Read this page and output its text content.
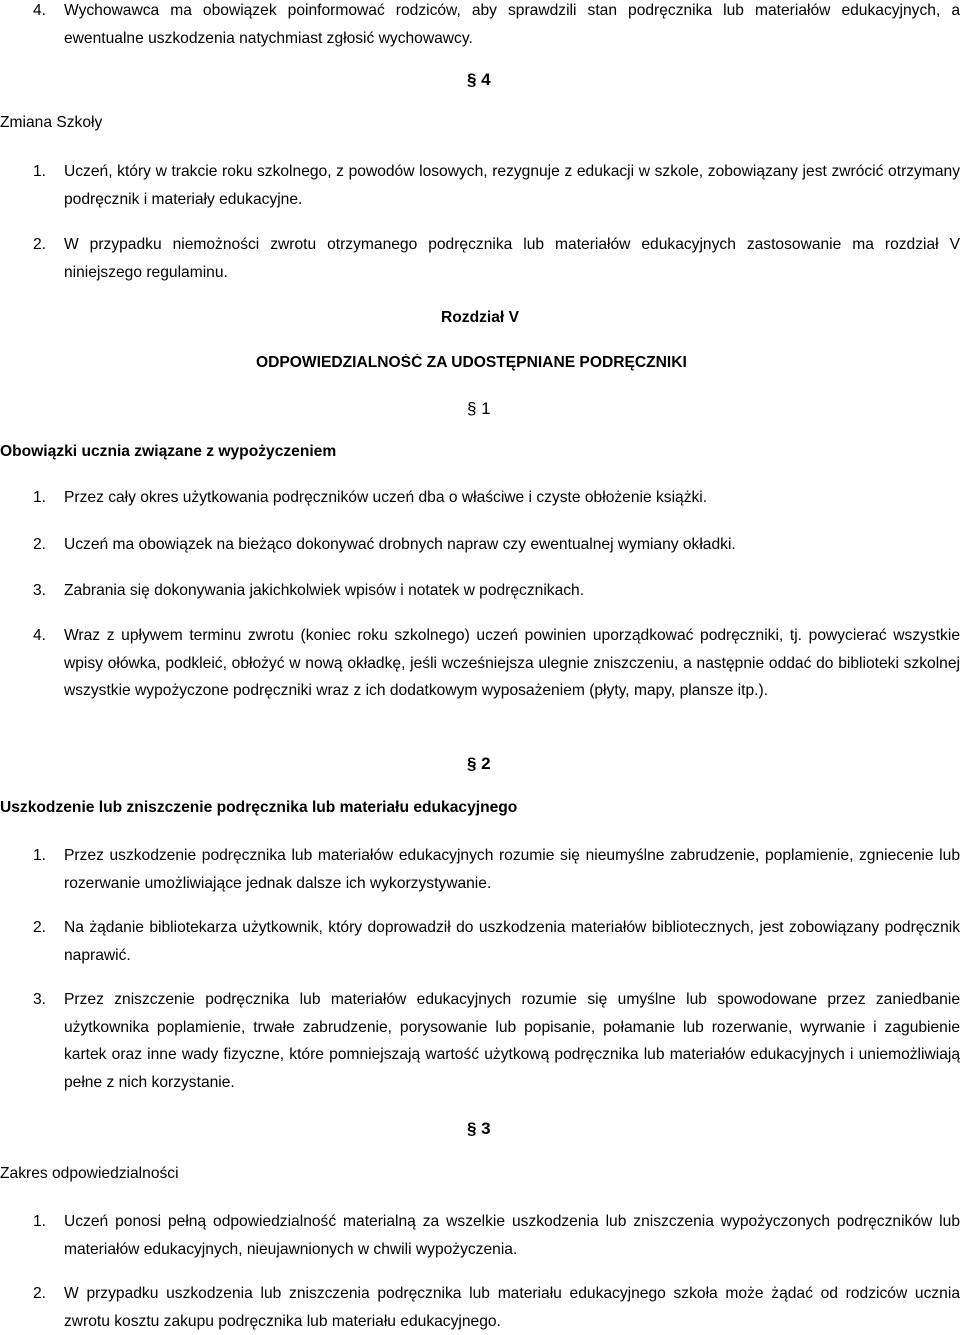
4. Wychowawca ma obowiązek poinformować rodziców, aby sprawdzili stan podręcznika lub materiałów edukacyjnych, a ewentualne uszkodzenia natychmiast zgłosić wychowawcy.
§ 4
Zmiana Szkoły
1. Uczeń, który w trakcie roku szkolnego, z powodów losowych, rezygnuje z edukacji w szkole, zobowiązany jest zwrócić otrzymany podręcznik i materiały edukacyjne.
2. W przypadku niemożności zwrotu otrzymanego podręcznika lub materiałów edukacyjnych zastosowanie ma rozdział V niniejszego regulaminu.
Rozdział V
ODPOWIEDZIALNOŚĆ ZA UDOSTĘPNIANE PODRĘCZNIKI
§ 1
Obowiązki ucznia związane z wypożyczeniem
1. Przez cały okres użytkowania podręczników uczeń dba o właściwe i czyste obłożenie książki.
2. Uczeń ma obowiązek na bieżąco dokonywać drobnych napraw czy ewentualnej wymiany okładki.
3. Zabrania się dokonywania jakichkolwiek wpisów i notatek w podręcznikach.
4. Wraz z upływem terminu zwrotu (koniec roku szkolnego) uczeń powinien uporządkować podręczniki, tj. powycierać wszystkie wpisy ołówka, podkleić, obłożyć w nową okładkę, jeśli wcześniejsza ulegnie zniszczeniu, a następnie oddać do biblioteki szkolnej wszystkie wypożyczone podręczniki wraz z ich dodatkowym wyposażeniem (płyty, mapy, plansze itp.).
§ 2
Uszkodzenie lub zniszczenie podręcznika lub materiału edukacyjnego
1. Przez uszkodzenie podręcznika lub materiałów edukacyjnych rozumie się nieumyślne zabrudzenie, poplamienie, zgniecenie lub rozerwanie umożliwiające jednak dalsze ich wykorzystywanie.
2. Na żądanie bibliotekarza użytkownik, który doprowadził do uszkodzenia materiałów bibliotecznych, jest zobowiązany podręcznik naprawić.
3. Przez zniszczenie podręcznika lub materiałów edukacyjnych rozumie się umyślne lub spowodowane przez zaniedbanie użytkownika poplamienie, trwałe zabrudzenie, porysowanie lub popisanie, połamanie lub rozerwanie, wyrwanie i zagubienie kartek oraz inne wady fizyczne, które pomniejszają wartość użytkową podręcznika lub materiałów edukacyjnych i uniemożliwiają pełne z nich korzystanie.
§ 3
Zakres odpowiedzialności
1. Uczeń ponosi pełną odpowiedzialność materialną za wszelkie uszkodzenia lub zniszczenia wypożyczonych podręczników lub materiałów edukacyjnych, nieujawnionych w chwili wypożyczenia.
2. W przypadku uszkodzenia lub zniszczenia podręcznika lub materiału edukacyjnego szkoła może żądać od rodziców ucznia zwrotu kosztu zakupu podręcznika lub materiału edukacyjnego.
